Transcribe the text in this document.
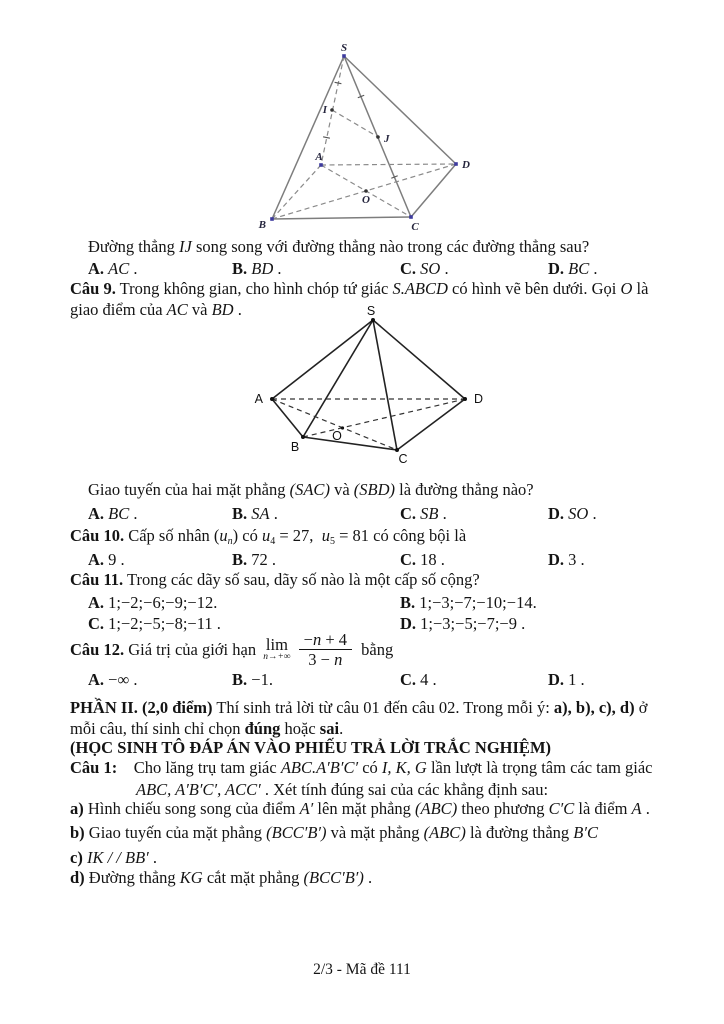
S
I
J
A
D
O
B	C
Đường thẳng IJ song song với đường thẳng nào trong các đường thẳng sau?
A. AC .	B. BD .	C. SO .	D. BC .
Câu 9. Trong không gian, cho hình chóp tứ giác S.ABCD có hình vẽ bên dưới. Gọi O là giao điểm của AC và BD .	S
A	D
B
C
O
Giao tuyến của hai mặt phẳng (SAC) và (SBD) là đường thẳng nào?
A. BC .	B. SA .	C. SB .	D. SO .
Câu 10. Cấp số nhân (un) có $u_4 = 27$,  $u_5 = 81$ có công bội là
A. 9 .	B. 72 .	C. 18 .	D. 3 .
Câu 11. Trong các dãy số sau, dãy số nào là một cấp số cộng?
A. 1;−2;−6;−9;−12.	B. 1;−3;−7;−10;−14.
C. 1;−2;−5;−8;−11 .	D. 1;−3;−5;−7;−9 .
Câu 12. Giá trị của giới hạn lim
$n\to+\infty \frac{-n + 4}{3 - n}$ bằng
A. −∞ .	B. −1.	C. 4 .	D. 1 .
PHẦN II. (2,0 điểm) Thí sinh trả lời từ câu 01 đến câu 02. Trong mỗi ý: a), b), c), d) ở mỗi câu, thí sinh chỉ chọn đúng hoặc sai.
(HỌC SINH TÔ ĐÁP ÁN VÀO PHIẾU TRẢ LỜI TRẮC NGHIỆM)
Câu 1:    Cho lăng trụ tam giác ABC.A′B′C′ có I, K, G lần lượt là trọng tâm các tam giác
ABC, A′B′C′, ACC′ . Xét tính đúng sai của các khẳng định sau:
a) Hình chiếu song song của điểm A′ lên mặt phẳng (ABC) theo phương C′C là điểm A .
b) Giao tuyến của mặt phẳng (BCC′B′) và mặt phẳng (ABC) là đường thẳng B′C
c) IK / / BB′ .
d) Đường thẳng KG cắt mặt phẳng (BCC′B′) .
2/3 - Mã đề 111
